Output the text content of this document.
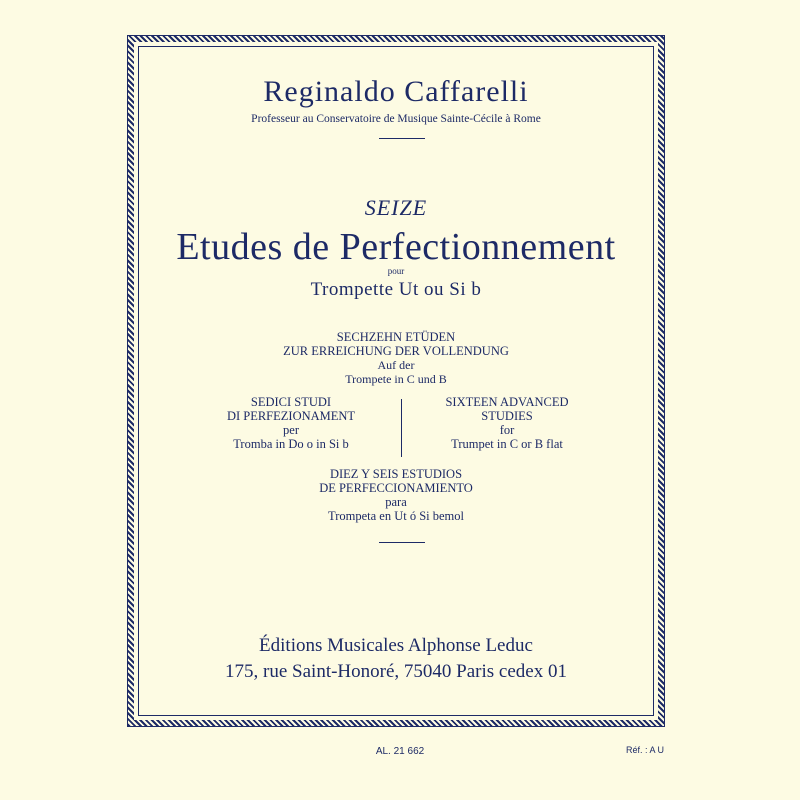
Reginaldo Caffarelli
Professeur au Conservatoire de Musique Sainte-Cécile à Rome
SEIZE
Etudes de Perfectionnement
pour
Trompette Ut ou Si b
SECHZEHN ETÜDEN
ZUR ERREICHUNG DER VOLLENDUNG
Auf der
Trompete in C und B
SEDICI STUDI
DI PERFEZIONAMENT
per
Tromba in Do o in Si b
SIXTEEN ADVANCED
STUDIES
for
Trumpet in C or B flat
DIEZ Y SEIS ESTUDIOS
DE PERFECCIONAMIENTO
para
Trompeta en Ut ó Si bemol
Éditions Musicales Alphonse Leduc
175, rue Saint-Honoré, 75040 Paris cedex 01
AL. 21 662	Réf. : A U
